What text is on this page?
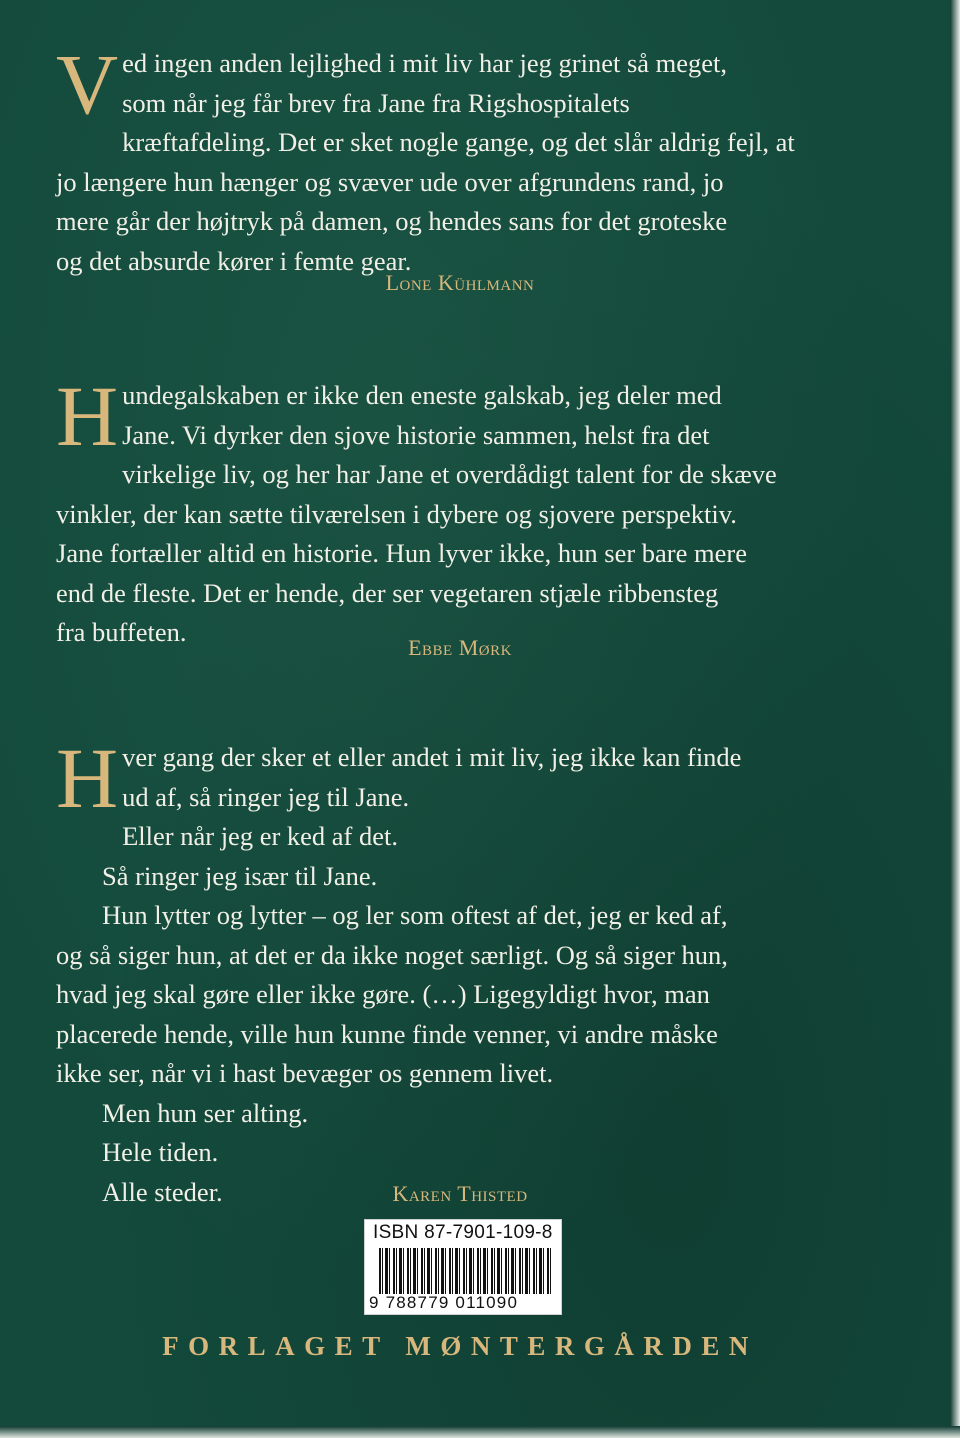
V ed ingen anden lejlighed i mit liv har jeg grinet så meget,

som når jeg får brev fra Jane fra Rigshospitalets

kræftafdeling. Det er sket nogle gange, og det slår aldrig fejl, at

jo længere hun hænger og svæver ude over afgrundens rand, jo

mere går der højtryk på damen, og hendes sans for det groteske

og det absurde kører i femte gear.

Lone Kühlmann
H undegalskaben er ikke den eneste galskab, jeg deler med

Jane. Vi dyrker den sjove historie sammen, helst fra det

virkelige liv, og her har Jane et overdådigt talent for de skæve

vinkler, der kan sætte tilværelsen i dybere og sjovere perspektiv.

Jane fortæller altid en historie. Hun lyver ikke, hun ser bare mere

end de fleste. Det er hende, der ser vegetaren stjæle ribbensteg

fra buffeten.

Ebbe Mørk
H ver gang der sker et eller andet i mit liv, jeg ikke kan finde

ud af, så ringer jeg til Jane.

Eller når jeg er ked af det.

Så ringer jeg især til Jane.

Hun lytter og lytter – og ler som oftest af det, jeg er ked af,

og så siger hun, at det er da ikke noget særligt. Og så siger hun,

hvad jeg skal gøre eller ikke gøre. (…) Ligegyldigt hvor, man

placerede hende, ville hun kunne finde venner, vi andre måske

ikke ser, når vi i hast bevæger os gennem livet.

Men hun ser alting.

Hele tiden.

Alle steder.	Karen Thisted
ISBN 87-7901-109-8
9 788779 011090
FORLAGET MØNTERGÅRDEN
